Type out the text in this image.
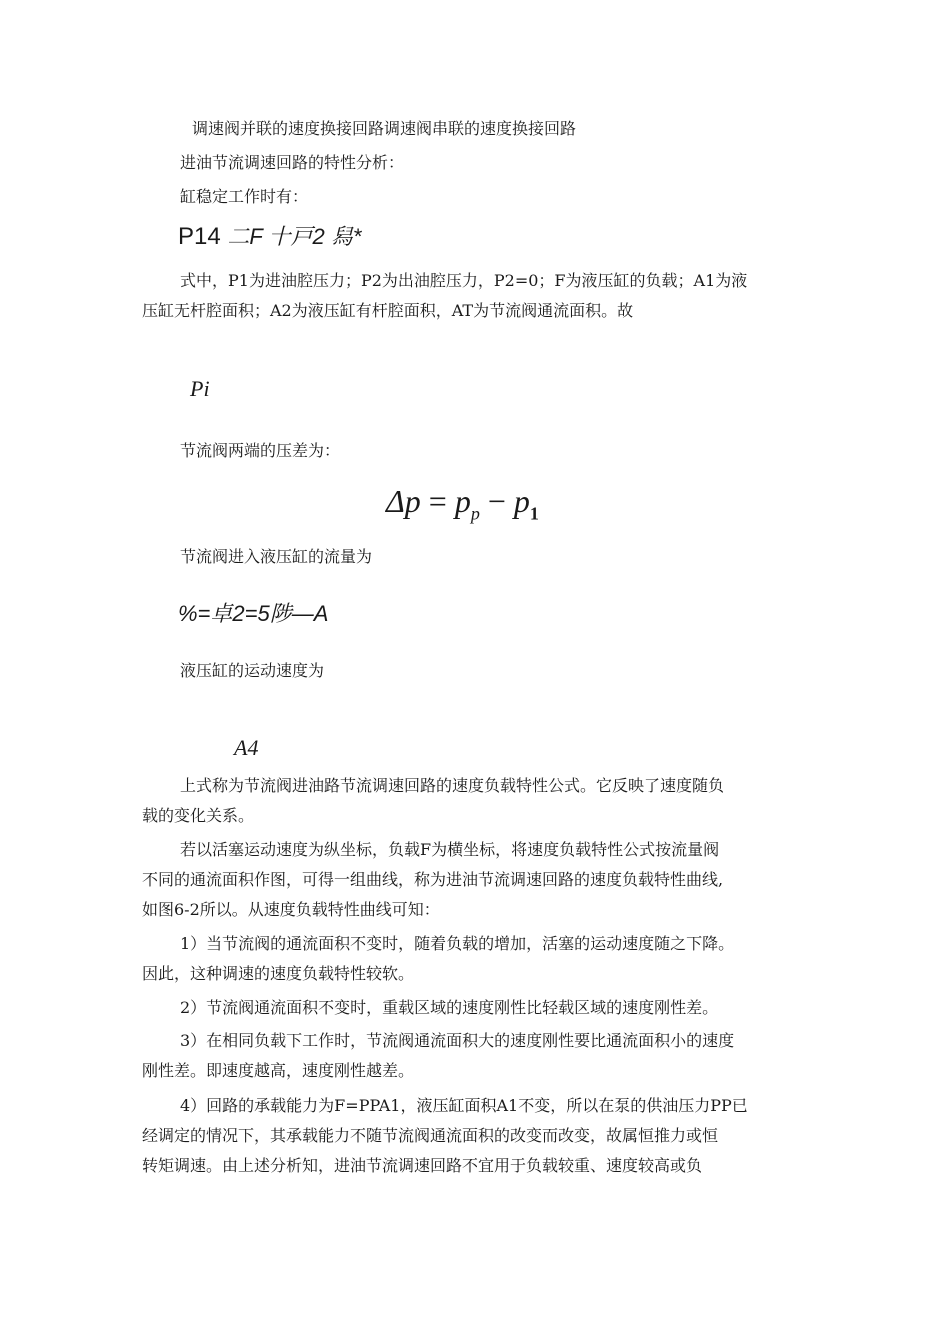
调速阀并联的速度换接回路调速阀串联的速度换接回路
进油节流调速回路的特性分析：
缸稳定工作时有：
P14 二F 十戸2 舄*
式中，P1为进油腔压力；P2为出油腔压力，P2=0；F为液压缸的负载；A1为液
压缸无杆腔面积；A2为液压缸有杆腔面积，AT为节流阀通流面积。故
Pi
节流阀两端的压差为：
$\Delta p = p_p - p_1$
节流阀进入液压缸的流量为
%=卓2=5陟—A
液压缸的运动速度为
A4
上式称为节流阀进油路节流调速回路的速度负载特性公式。它反映了速度随负
载的变化关系。
若以活塞运动速度为纵坐标，负载F为横坐标，将速度负载特性公式按流量阀
不同的通流面积作图，可得一组曲线，称为进油节流调速回路的速度负载特性曲线,
如图6-2所以。从速度负载特性曲线可知：
1）当节流阀的通流面积不变时，随着负载的增加，活塞的运动速度随之下降。
因此，这种调速的速度负载特性较软。
2）节流阀通流面积不变时，重载区域的速度刚性比轻载区域的速度刚性差。
3）在相同负载下工作时，节流阀通流面积大的速度刚性要比通流面积小的速度
刚性差。即速度越高，速度刚性越差。
4）回路的承载能力为F=PPA1，液压缸面积A1不变，所以在泵的供油压力PP已
经调定的情况下，其承载能力不随节流阀通流面积的改变而改变，故属恒推力或恒
转矩调速。由上述分析知，进油节流调速回路不宜用于负载较重、速度较高或负
